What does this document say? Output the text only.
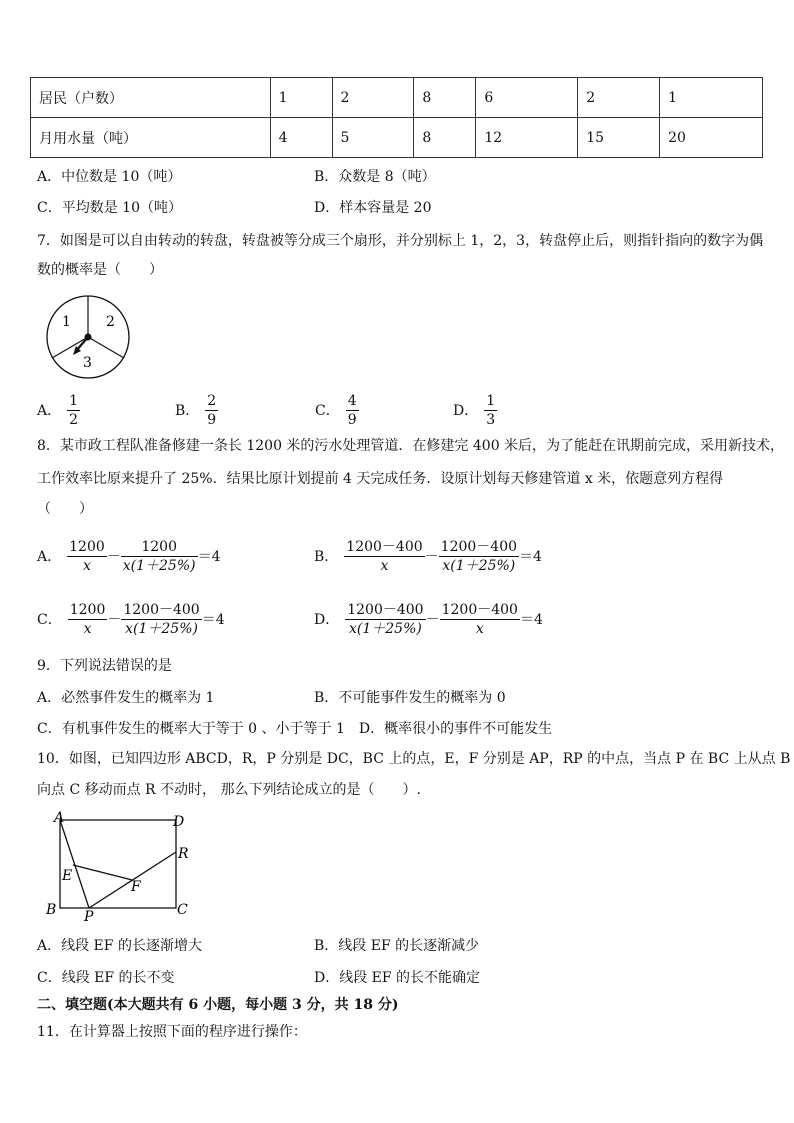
居民（户数）	1	2	8	6	2	1
月用水量（吨）	4	5	8	12	15	20
A．中位数是 10（吨）	B．众数是 8（吨）
C．平均数是 10（吨）	D．样本容量是 20
7．如图是可以自由转动的转盘，转盘被等分成三个扇形，并分别标上 1，2，3，转盘停止后，则指针指向的数字为偶
数的概率是（　　）
1	2
3
A． $\frac{1}{2}$	B． $\frac{2}{9}$	C． $\frac{4}{9}$	D． $\frac{1}{3}$
8．某市政工程队准备修建一条长 1200 米的污水处理管道．在修建完 400 米后，为了能赶在讯期前完成，采用新技术，
工作效率比原来提升了 25%．结果比原计划提前 4 天完成任务．设原计划每天修建管道 x 米，依题意列方程得
（　　）
A． $\frac{1200}{x} - \frac{1200}{x(1+25\%)} =4$	B． $\frac{1200-400}{x} - \frac{1200-400}{x(1+25\%)} =4$
C． $\frac{1200}{x} - \frac{1200-400}{x(1+25\%)} =4$	D． $\frac{1200-400}{x(1+25\%)} - \frac{1200-400}{x} =4$
9．下列说法错误的是
A．必然事件发生的概率为 1	B．不可能事件发生的概率为 0
C．有机事件发生的概率大于等于 0 、小于等于 1　D．概率很小的事件不可能发生
10．如图，已知四边形 ABCD，R，P 分别是 DC，BC 上的点，E，F 分别是 AP，RP 的中点，当点 P 在 BC 上从点 B
向点 C 移动而点 R 不动时， 那么下列结论成立的是（　　）.
A	D
R
E
F
B P	C
A．线段 EF 的长逐渐增大	B．线段 EF 的长逐渐减少
C．线段 EF 的长不变	D．线段 EF 的长不能确定
二、填空题(本大题共有 6 小题，每小题 3 分，共 18 分)
11．在计算器上按照下面的程序进行操作：
